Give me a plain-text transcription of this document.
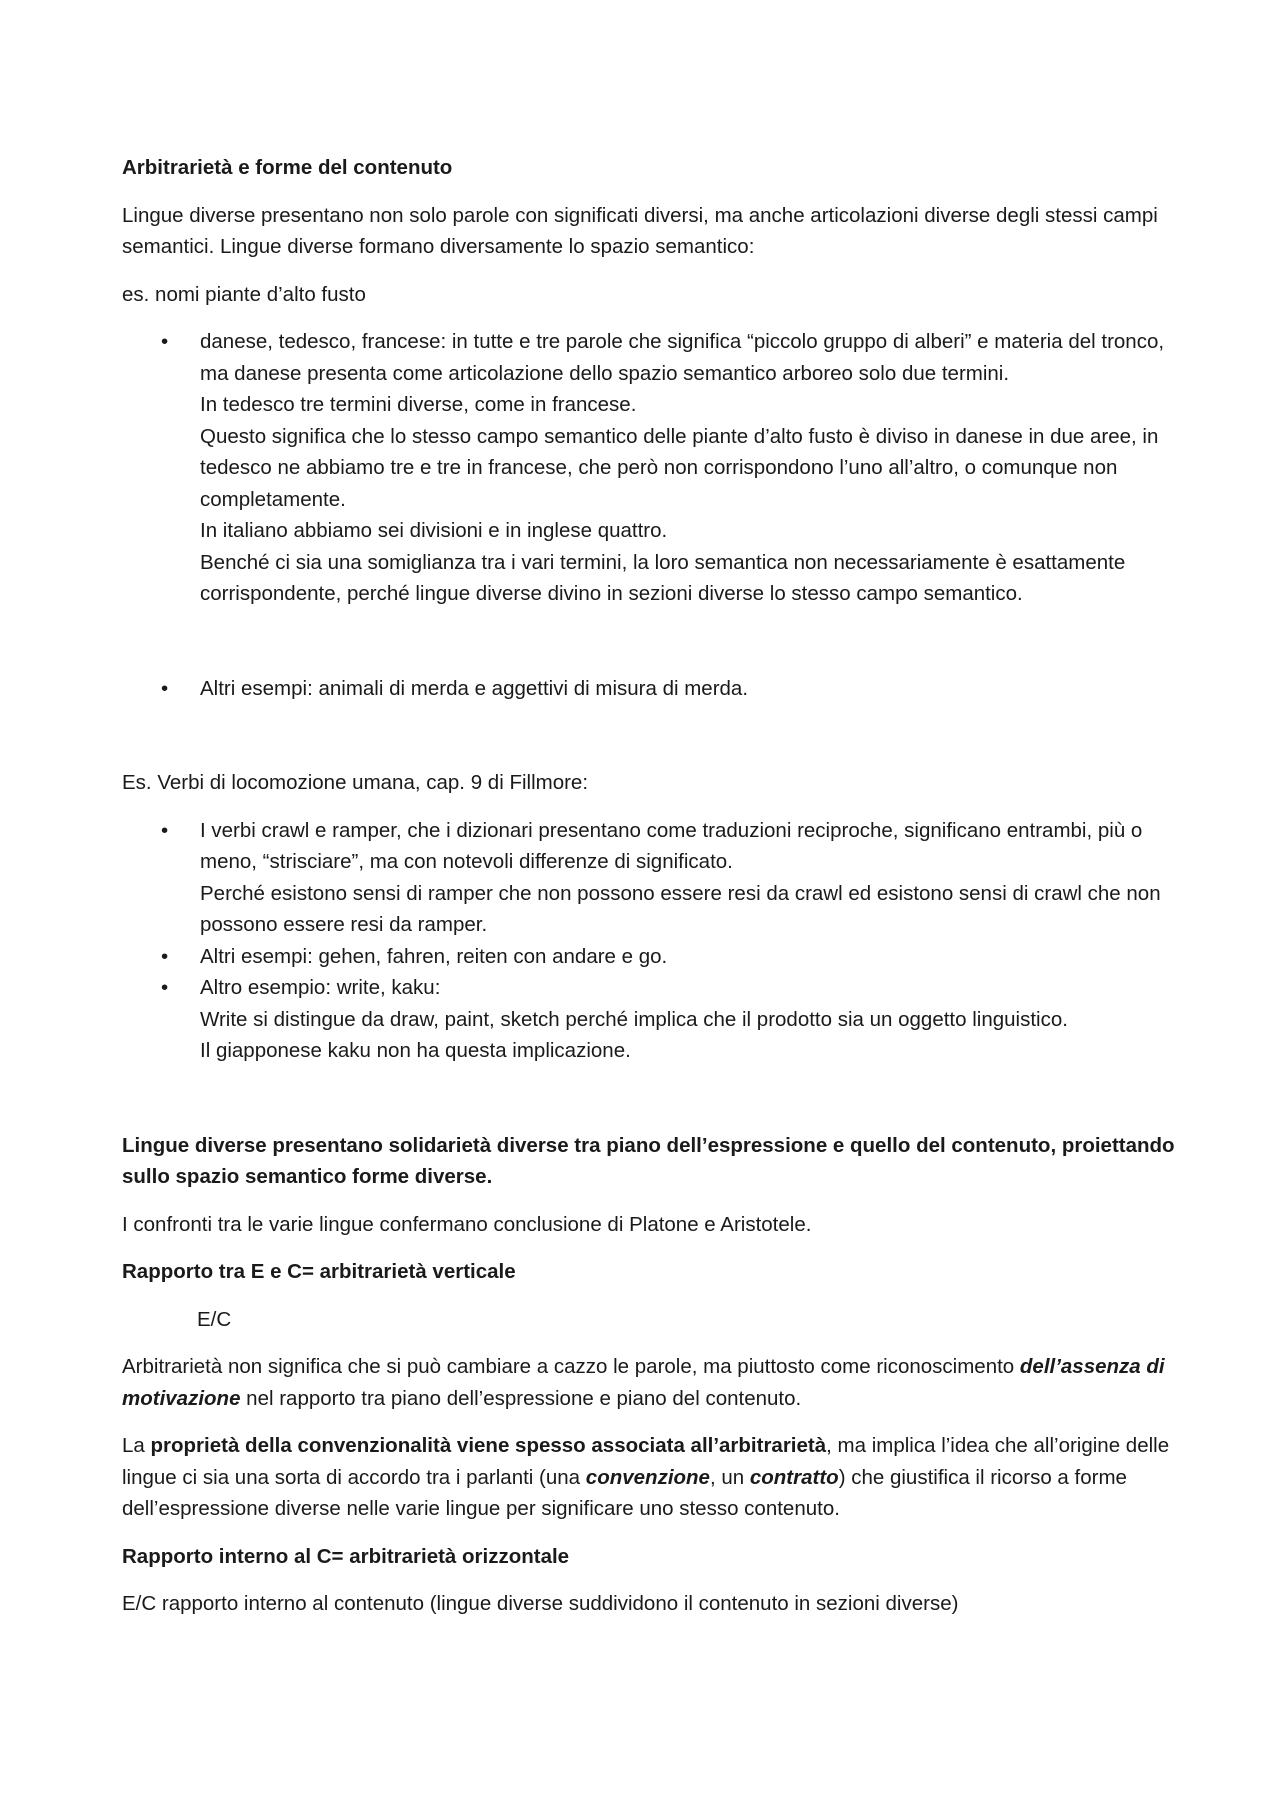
Arbitrarietà e forme del contenuto

Lingue diverse presentano non solo parole con significati diversi, ma anche articolazioni diverse degli stessi campi semantici. Lingue diverse formano diversamente lo spazio semantico:

es. nomi piante d’alto fusto

•	danese, tedesco, francese: in tutte e tre parole che significa “piccolo gruppo di alberi” e materia del tronco, ma danese presenta come articolazione dello spazio semantico arboreo solo due termini.

In tedesco tre termini diverse, come in francese.

Questo significa che lo stesso campo semantico delle piante d’alto fusto è diviso in danese in due aree, in tedesco ne abbiamo tre e tre in francese, che però non corrispondono l’uno all’altro, o comunque non completamente.

In italiano abbiamo sei divisioni e in inglese quattro.

Benché ci sia una somiglianza tra i vari termini, la loro semantica non necessariamente è esattamente corrispondente, perché lingue diverse divino in sezioni diverse lo stesso campo semantico.

•	Altri esempi: animali di merda e aggettivi di misura di merda.

Es. Verbi di locomozione umana, cap. 9 di Fillmore:

•	I verbi crawl e ramper, che i dizionari presentano come traduzioni reciproche, significano entrambi, più o meno, “strisciare”, ma con notevoli differenze di significato.

Perché esistono sensi di ramper che non possono essere resi da crawl ed esistono sensi di crawl che non possono essere resi da ramper.

•	Altri esempi: gehen, fahren, reiten con andare e go.

•	Altro esempio: write, kaku:

Write si distingue da draw, paint, sketch perché implica che il prodotto sia un oggetto linguistico.

Il giapponese kaku non ha questa implicazione.

Lingue diverse presentano solidarietà diverse tra piano dell’espressione e quello del contenuto, proiettando sullo spazio semantico forme diverse.

I confronti tra le varie lingue confermano conclusione di Platone e Aristotele.

Rapporto tra E e C= arbitrarietà verticale

E/C

Arbitrarietà non significa che si può cambiare a cazzo le parole, ma piuttosto come riconoscimento dell’assenza di motivazione nel rapporto tra piano dell’espressione e piano del contenuto.

La proprietà della convenzionalità viene spesso associata all’arbitrarietà, ma implica l’idea che all’origine delle lingue ci sia una sorta di accordo tra i parlanti (una convenzione, un contratto) che giustifica il ricorso a forme dell’espressione diverse nelle varie lingue per significare uno stesso contenuto.

Rapporto interno al C= arbitrarietà orizzontale

E/C rapporto interno al contenuto (lingue diverse suddividono il contenuto in sezioni diverse)
